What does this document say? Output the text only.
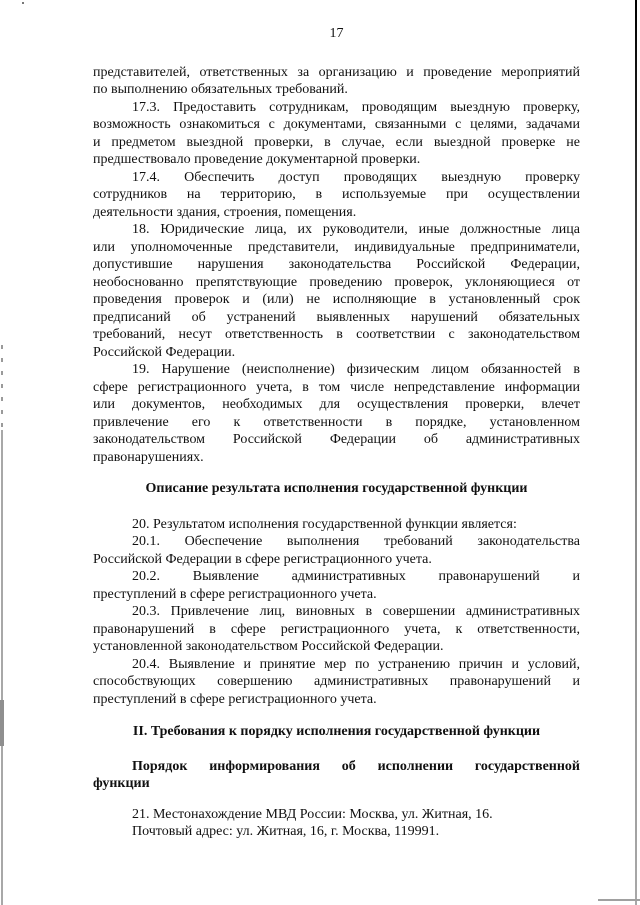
17
представителей, ответственных за организацию и проведение мероприятий
по выполнению обязательных требований.
17.3. Предоставить сотрудникам, проводящим выездную проверку,
возможность ознакомиться с документами, связанными с целями, задачами
и предметом выездной проверки, в случае, если выездной проверке не
предшествовало проведение документарной проверки.
17.4. Обеспечить доступ проводящих выездную проверку
сотрудников на территорию, в используемые при осуществлении
деятельности здания, строения, помещения.
18. Юридические лица, их руководители, иные должностные лица
или уполномоченные представители, индивидуальные предприниматели,
допустившие нарушения законодательства Российской Федерации,
необоснованно препятствующие проведению проверок, уклоняющиеся от
проведения проверок и (или) не исполняющие в установленный срок
предписаний об устранений выявленных нарушений обязательных
требований, несут ответственность в соответствии с законодательством
Российской Федерации.
19. Нарушение (неисполнение) физическим лицом обязанностей в
сфере регистрационного учета, в том числе непредставление информации
или документов, необходимых для осуществления проверки, влечет
привлечение его к ответственности в порядке, установленном
законодательством Российской Федерации об административных
правонарушениях.
Описание результата исполнения государственной функции
20. Результатом исполнения государственной функции является:
20.1. Обеспечение выполнения требований законодательства
Российской Федерации в сфере регистрационного учета.
20.2. Выявление административных правонарушений и
преступлений в сфере регистрационного учета.
20.3. Привлечение лиц, виновных в совершении административных
правонарушений в сфере регистрационного учета, к ответственности,
установленной законодательством Российской Федерации.
20.4. Выявление и принятие мер по устранению причин и условий,
способствующих совершению административных правонарушений и
преступлений в сфере регистрационного учета.
II. Требования к порядку исполнения государственной функции
Порядок информирования об исполнении государственной
функции
21. Местонахождение МВД России: Москва, ул. Житная, 16.
Почтовый адрес: ул. Житная, 16, г. Москва, 119991.
